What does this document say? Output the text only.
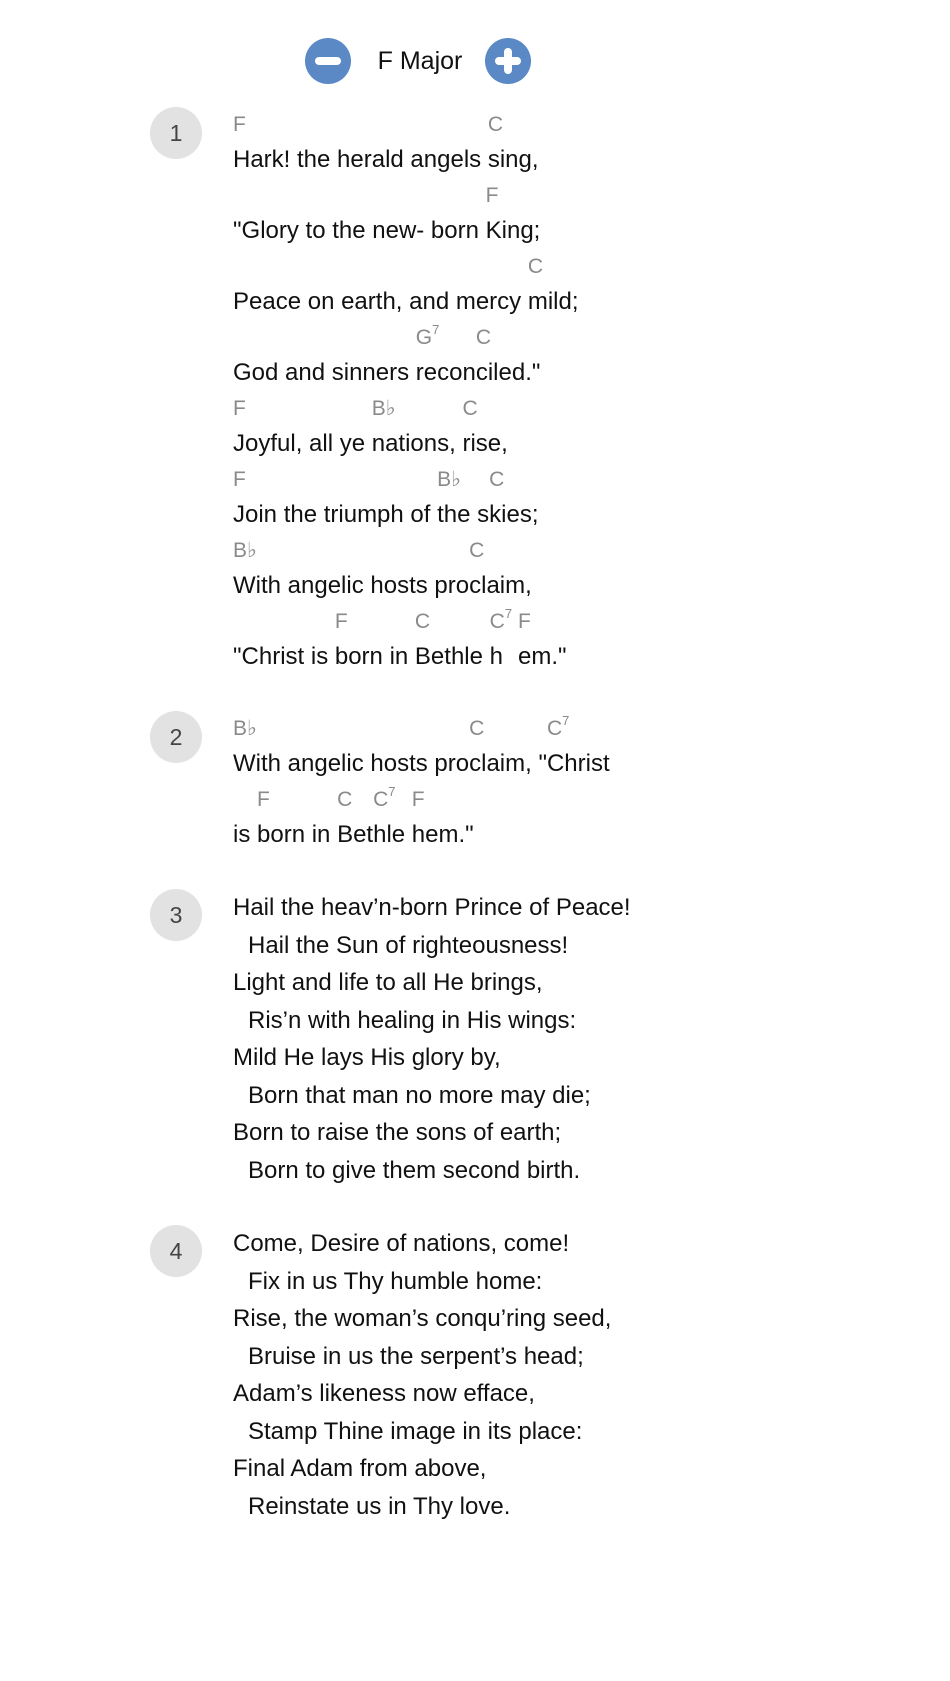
F Major
1	F
Hark! the herald angels
C
sing,
"Glory to the new- born
F
King;
Peace on earth, and mercy
C
mild;
God and sinners
$G^7$
recon
C
ciled."
F
Joyful, all ye
B♭
nations,
C
rise,
F
Join the triumph of
B♭
the s
C
kies;
B♭
With angelic hosts pro
C
claim,
"Christ is
F
born in
C
Bethle
$C^7$
h
F
em."
2	B♭
With angelic hosts pro
C
claim, "
$C^7$
Christ
is
F
born in
C
Bet
$C^7$
hle
F
hem."
3	Hail the heav’n-born Prince of Peace!
Hail the Sun of righteousness!
Light and life to all He brings,
Ris’n with healing in His wings:
Mild He lays His glory by,
Born that man no more may die;
Born to raise the sons of earth;
Born to give them second birth.
4	Come, Desire of nations, come!
Fix in us Thy humble home:
Rise, the woman’s conqu’ring seed,
Bruise in us the serpent’s head;
Adam’s likeness now efface,
Stamp Thine image in its place:
Final Adam from above,
Reinstate us in Thy love.
